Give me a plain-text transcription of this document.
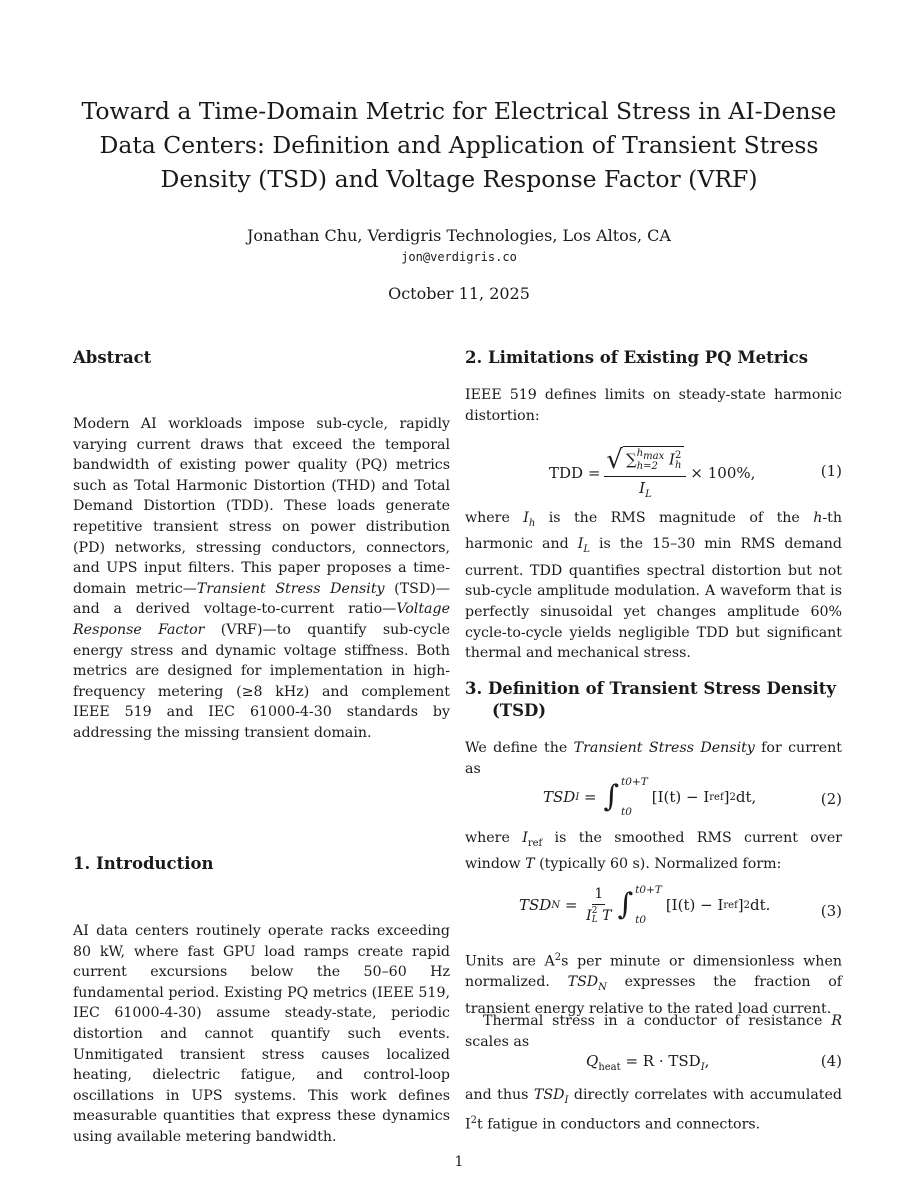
Toward a Time-Domain Metric for Electrical Stress in AI-Dense Data Centers: Definition and Application of Transient Stress Density (TSD) and Voltage Response Factor (VRF)
Jonathan Chu, Verdigris Technologies, Los Altos, CA
jon@verdigris.co
October 11, 2025
Abstract

Modern AI workloads impose sub-cycle, rapidly varying current draws that exceed the temporal bandwidth of existing power quality (PQ) metrics such as Total Harmonic Distortion (THD) and Total Demand Distortion (TDD). These loads generate repetitive transient stress on power distribution (PD) networks, stressing conductors, connectors, and UPS input filters. This paper proposes a time-domain metric—Transient Stress Density (TSD)—and a derived voltage-to-current ratio—Voltage Response Factor (VRF)—to quantify sub-cycle energy stress and dynamic voltage stiffness. Both metrics are designed for implementation in high-frequency metering (≥8 kHz) and complement IEEE 519 and IEC 61000-4-30 standards by addressing the missing transient domain.

1. Introduction

AI data centers routinely operate racks exceeding 80 kW, where fast GPU load ramps create rapid current excursions below the 50–60 Hz fundamental period. Existing PQ metrics (IEEE 519, IEC 61000-4-30) assume steady-state, periodic distortion and cannot quantify such events. Unmitigated transient stress causes localized heating, dielectric fatigue, and control-loop oscillations in UPS systems. This work defines measurable quantities that express these dynamics using available metering bandwidth.

2. Limitations of Existing PQ Metrics

IEEE 519 defines limits on steady-state harmonic distortion:

TDD = √ ∑ $h_{max}$
h=2 I 2
h
$I_L \times 100\%$,	(1)

where $I_h$ is the RMS magnitude of the h-th harmonic and $I_L$ is the 15–30 min RMS demand current. TDD quantifies spectral distortion but not sub-cycle amplitude modulation. A waveform that is perfectly sinusoidal yet changes amplitude 60% cycle-to-cycle yields negligible TDD but significant thermal and mechanical stress.

3. Definition of Transient Stress Density (TSD)

We define the Transient Stress Density for current as

TSD I = ∫ t0+T
t0
[I(t) − I ref ] 2 dt,	(2)

where $I_{ref}$ is the smoothed RMS current over window T (typically 60 s). Normalized form:

TSD N = 1
I 2
L T ∫ t0+T
t0
[I(t) − I ref ] 2 dt.	(3)

Units are $A^2s$ per minute or dimensionless when normalized. $TSD_N$ expresses the fraction of transient energy relative to the rated load current.

Thermal stress in a conductor of resistance R scales as

$Q_{heat} = R \cdot TSD_I$,	(4)

and thus $TSD_I$ directly correlates with accumulated $I^2t$ fatigue in conductors and connectors.

1
